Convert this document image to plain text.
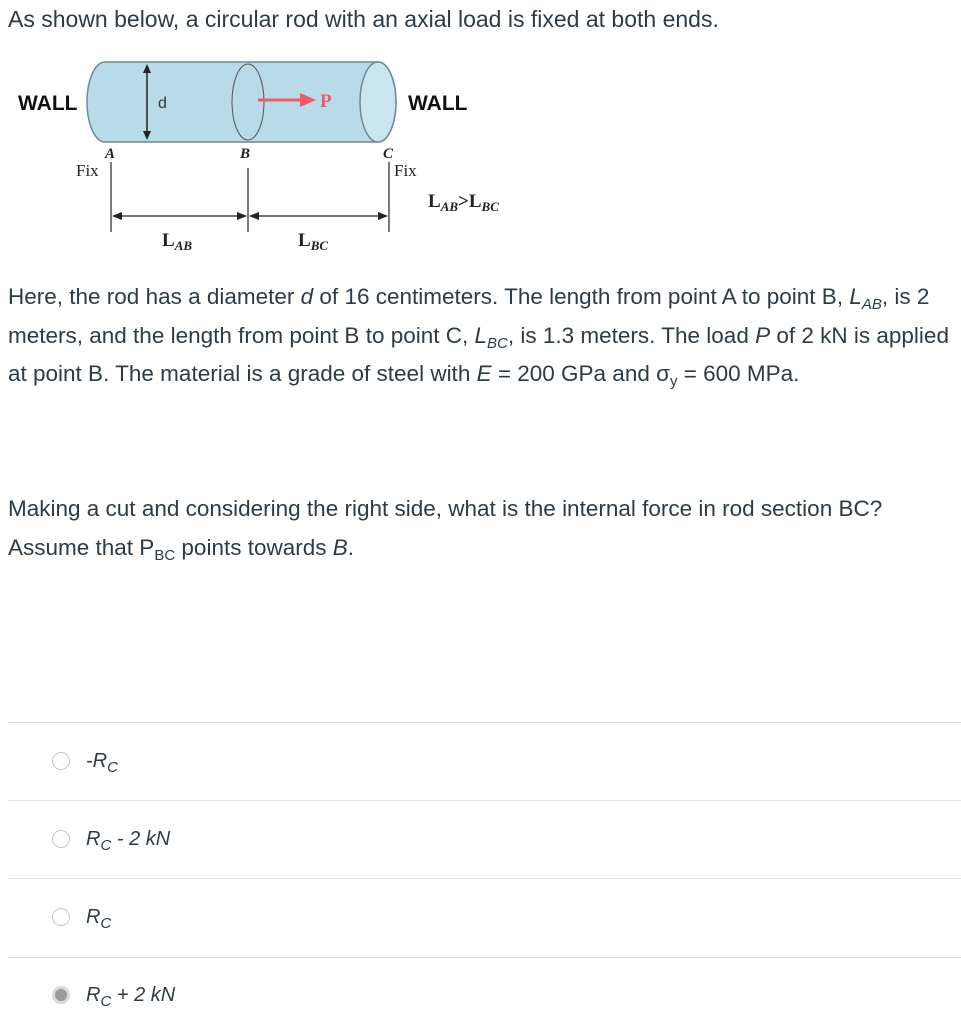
As shown below, a circular rod with an axial load is fixed at both ends.
d	P
WALL	WALL
A	B	C
Fix	Fix
$L_{AB}$	$L_{BC}$
$L_{AB}>L_{BC}$
Here, the rod has a diameter d of 16 centimeters. The length from point A to point B, $L_{AB}$, is 2 meters, and the length from point B to point C, $L_{BC}$, is 1.3 meters. The load P of 2 kN is applied at point B. The material is a grade of steel with E = 200 GPa and $\sigma_y = 600$ MPa.
Making a cut and considering the right side, what is the internal force in rod section BC? Assume that $P_{BC}$ points towards B.
$-R_C$
$R_C - 2$ kN
$R_C$
$R_C + 2$ kN
